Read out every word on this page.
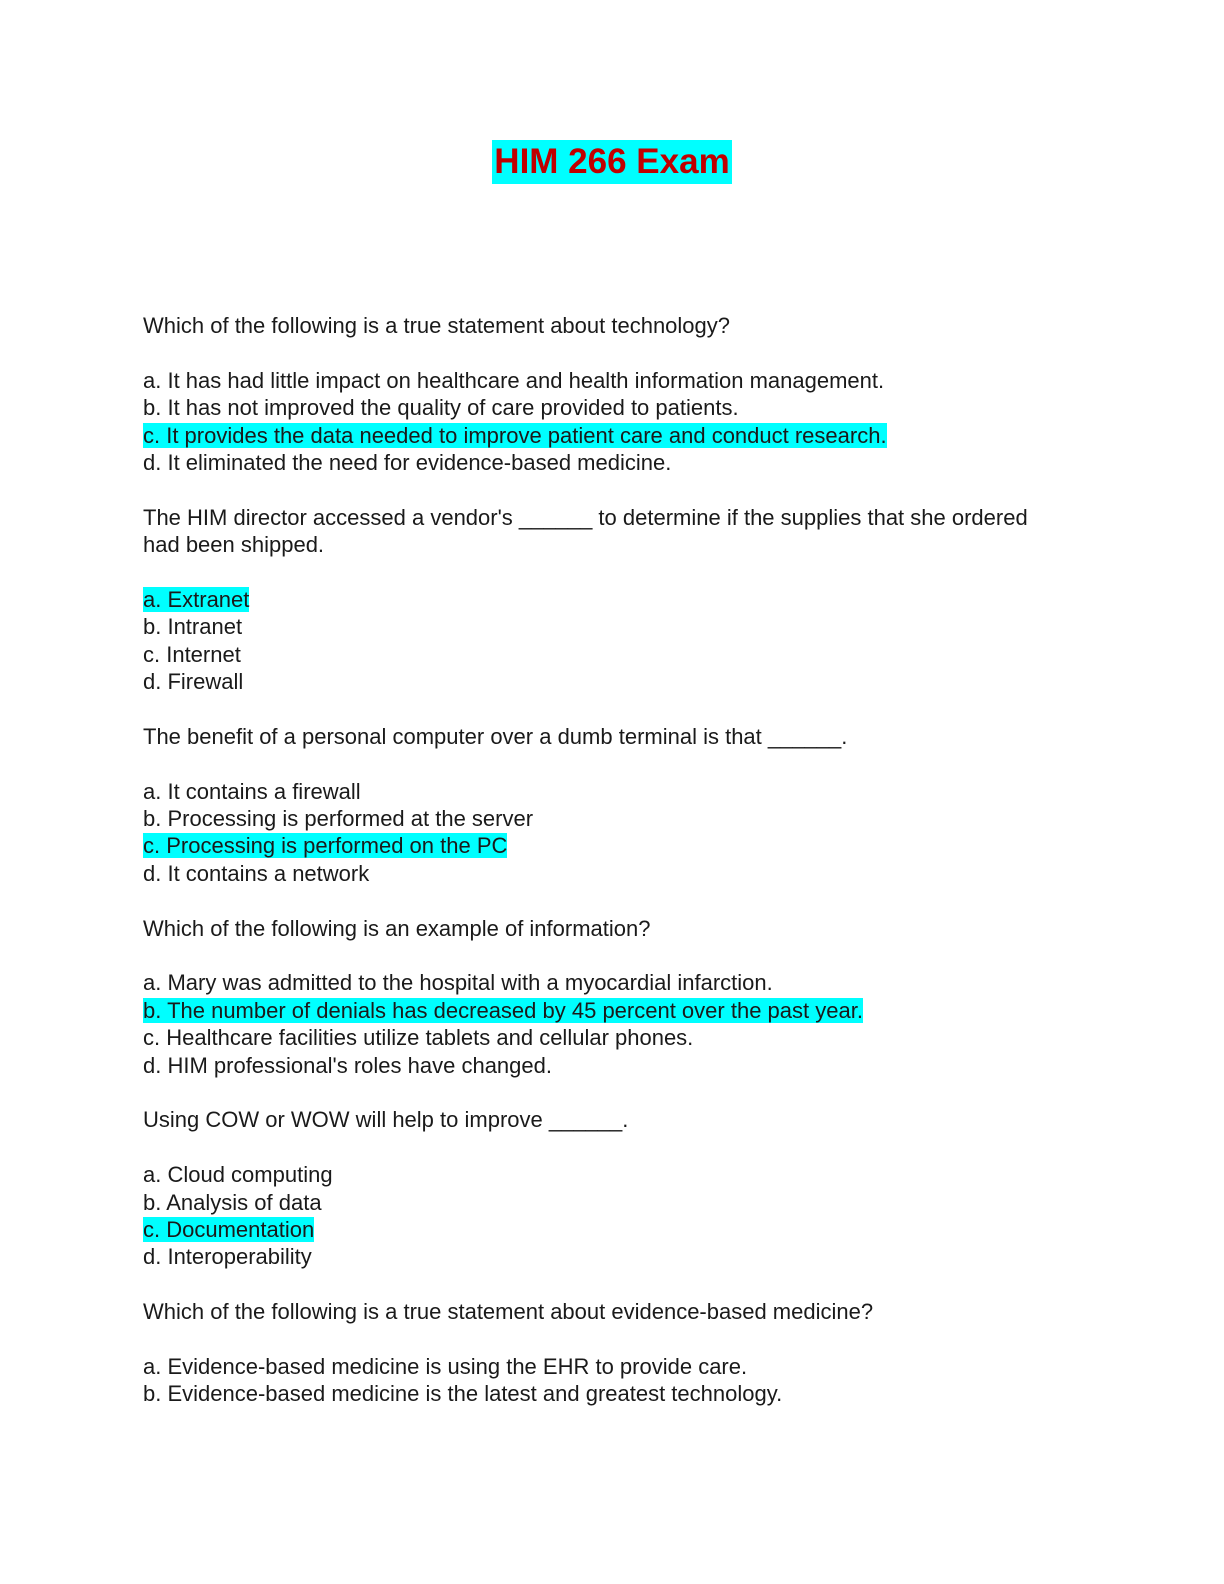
HIM 266 Exam

Which of the following is a true statement about technology?

a. It has had little impact on healthcare and health information management.
b. It has not improved the quality of care provided to patients.
c. It provides the data needed to improve patient care and conduct research.
d. It eliminated the need for evidence-based medicine.

The HIM director accessed a vendor's ______ to determine if the supplies that she ordered had been shipped.

a. Extranet
b. Intranet
c. Internet
d. Firewall

The benefit of a personal computer over a dumb terminal is that ______.

a. It contains a firewall
b. Processing is performed at the server
c. Processing is performed on the PC
d. It contains a network

Which of the following is an example of information?

a. Mary was admitted to the hospital with a myocardial infarction.
b. The number of denials has decreased by 45 percent over the past year.
c. Healthcare facilities utilize tablets and cellular phones.
d. HIM professional's roles have changed.

Using COW or WOW will help to improve ______.

a. Cloud computing
b. Analysis of data
c. Documentation
d. Interoperability

Which of the following is a true statement about evidence-based medicine?

a. Evidence-based medicine is using the EHR to provide care.
b. Evidence-based medicine is the latest and greatest technology.
